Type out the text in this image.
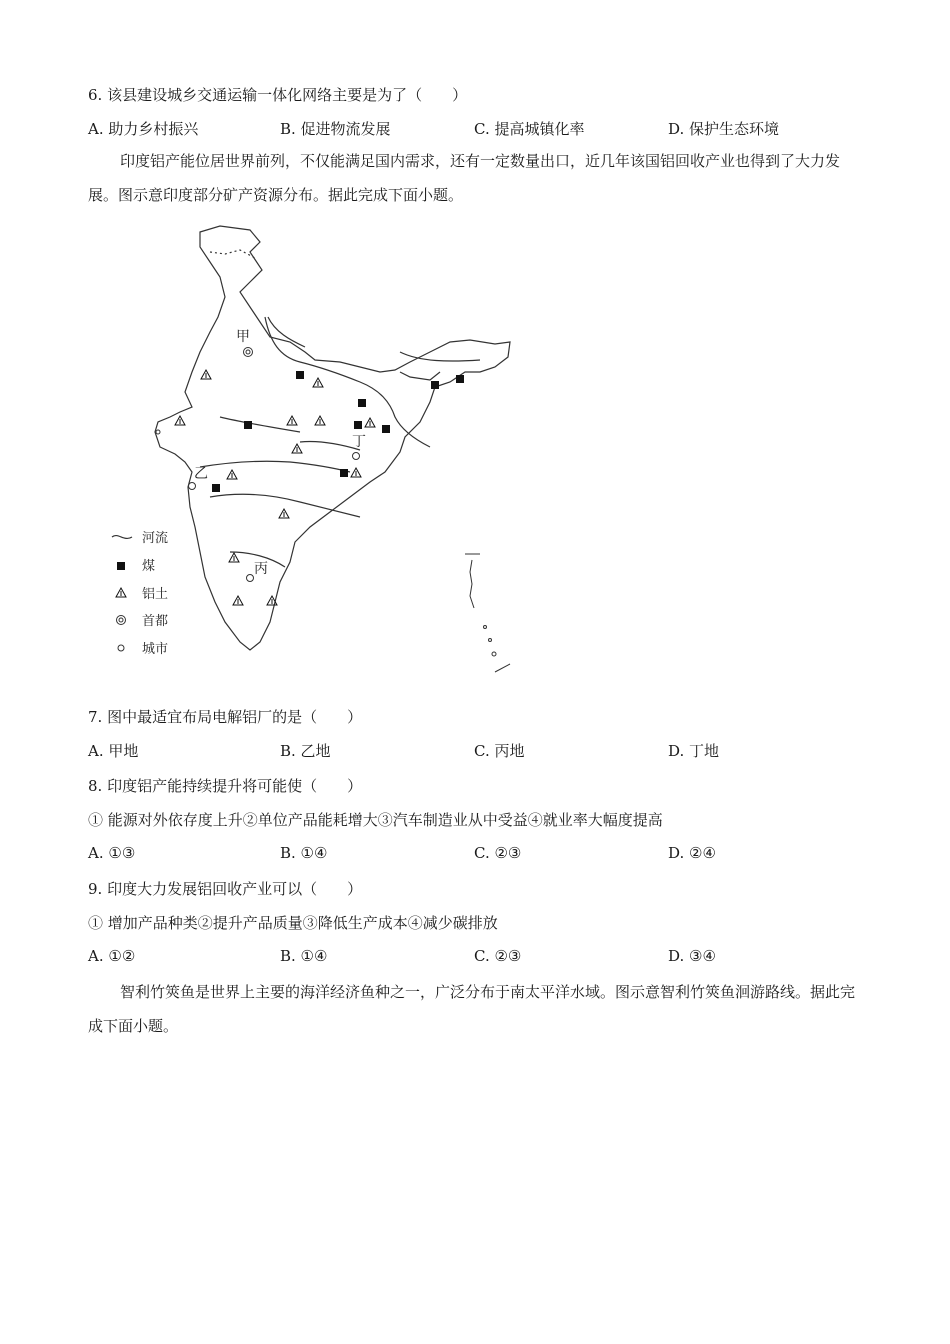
6. 该县建设城乡交通运输一体化网络主要是为了（　　）
A. 助力乡村振兴	B. 促进物流发展	C. 提高城镇化率	D. 保护生态环境
印度铝产能位居世界前列，不仅能满足国内需求，还有一定数量出口，近几年该国铝回收产业也得到了大力发展。图示意印度部分矿产资源分布。据此完成下面小题。
甲
乙
丙
丁
河流
煤
铝土
首都
城市
7. 图中最适宜布局电解铝厂的是（　　）
A. 甲地	B. 乙地	C. 丙地	D. 丁地
8. 印度铝产能持续提升将可能使（　　）
① 能源对外依存度上升②单位产品能耗增大③汽车制造业从中受益④就业率大幅度提高
A. ①③	B. ①④	C. ②③	D. ②④
9. 印度大力发展铝回收产业可以（　　）
① 增加产品种类②提升产品质量③降低生产成本④减少碳排放
A. ①②	B. ①④	C. ②③	D. ③④
智利竹筴鱼是世界上主要的海洋经济鱼种之一，广泛分布于南太平洋水域。图示意智利竹筴鱼洄游路线。据此完成下面小题。
